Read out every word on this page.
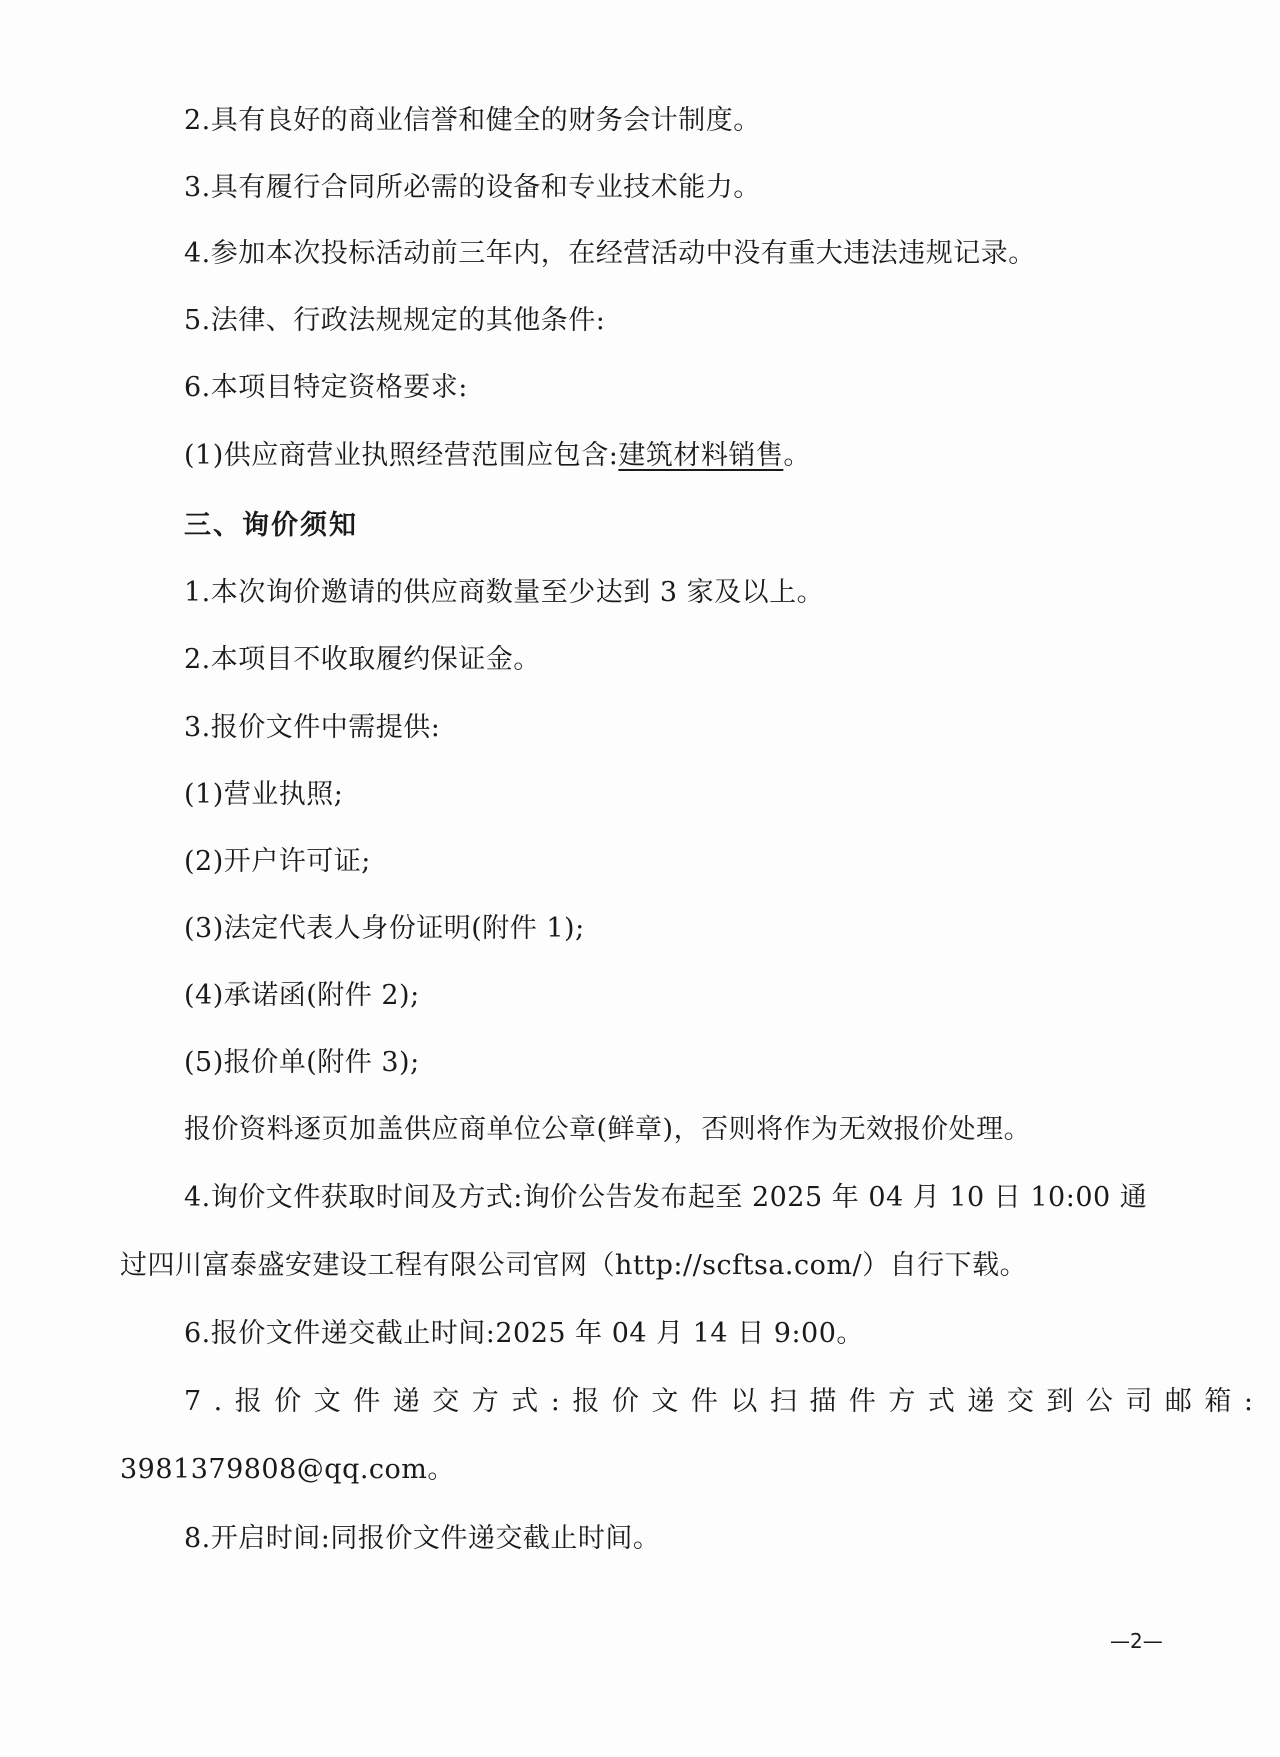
2.具有良好的商业信誉和健全的财务会计制度。
3.具有履行合同所必需的设备和专业技术能力。
4.参加本次投标活动前三年内，在经营活动中没有重大违法违规记录。
5.法律、行政法规规定的其他条件:
6.本项目特定资格要求:
(1)供应商营业执照经营范围应包含:建筑材料销售。
三、询价须知
1.本次询价邀请的供应商数量至少达到 3 家及以上。
2.本项目不收取履约保证金。
3.报价文件中需提供:
(1)营业执照;
(2)开户许可证;
(3)法定代表人身份证明(附件 1);
(4)承诺函(附件 2);
(5)报价单(附件 3);
报价资料逐页加盖供应商单位公章(鲜章)，否则将作为无效报价处理。
4.询价文件获取时间及方式:询价公告发布起至 2025 年 04 月 10 日 10:00 通
过四川富泰盛安建设工程有限公司官网（http://scftsa.com/）自行下载。
6.报价文件递交截止时间:2025 年 04 月 14 日 9:00。
7.报价文件递交方式:报价文件以扫描件方式递交到公司邮箱:
3981379808@qq.com。
8.开启时间:同报价文件递交截止时间。
—2—
